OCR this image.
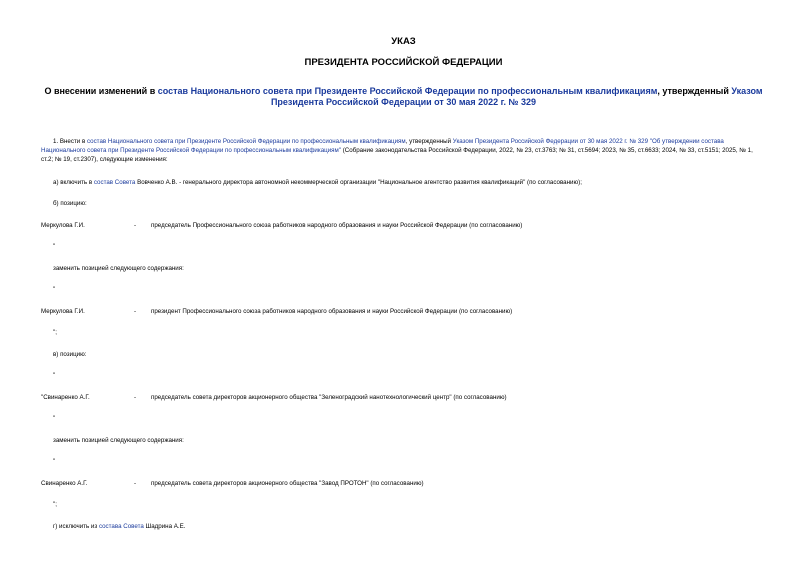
УКАЗ
ПРЕЗИДЕНТА РОССИЙСКОЙ ФЕДЕРАЦИИ
О внесении изменений в состав Национального совета при Президенте Российской Федерации по профессиональным квалификациям, утвержденный Указом Президента Российской Федерации от 30 мая 2022 г. № 329
1. Внести в состав Национального совета при Президенте Российской Федерации по профессиональным квалификациям, утвержденный Указом Президента Российской Федерации от 30 мая 2022 г. № 329 "Об утверждении состава Национального совета при Президенте Российской Федерации по профессиональным квалификациям" (Собрание законодательства Российской Федерации, 2022, № 23, ст.3763; № 31, ст.5694; 2023, № 35, ст.6633; 2024, № 33, ст.5151; 2025, № 1, ст.2; № 19, ст.2307), следующие изменения:
а) включить в состав Совета Вовченко А.В. - генерального директора автономной некоммерческой организации "Национальное агентство развития квалификаций" (по согласованию);
б) позицию:
Меркулова Г.И.	- председатель Профессионального союза работников народного образования и науки Российской Федерации (по согласованию)
"
заменить позицией следующего содержания:
"
Меркулова Г.И.	- президент Профессионального союза работников народного образования и науки Российской Федерации (по согласованию)
";
в) позицию:
"
"Свинаренко А.Г.	- председатель совета директоров акционерного общества "Зеленоградский нанотехнологический центр" (по согласованию)
"
заменить позицией следующего содержания:
"
Свинаренко А.Г.	- председатель совета директоров акционерного общества "Завод ПРОТОН" (по согласованию)
";
г) исключить из состава Совета Шадрина А.Е.
